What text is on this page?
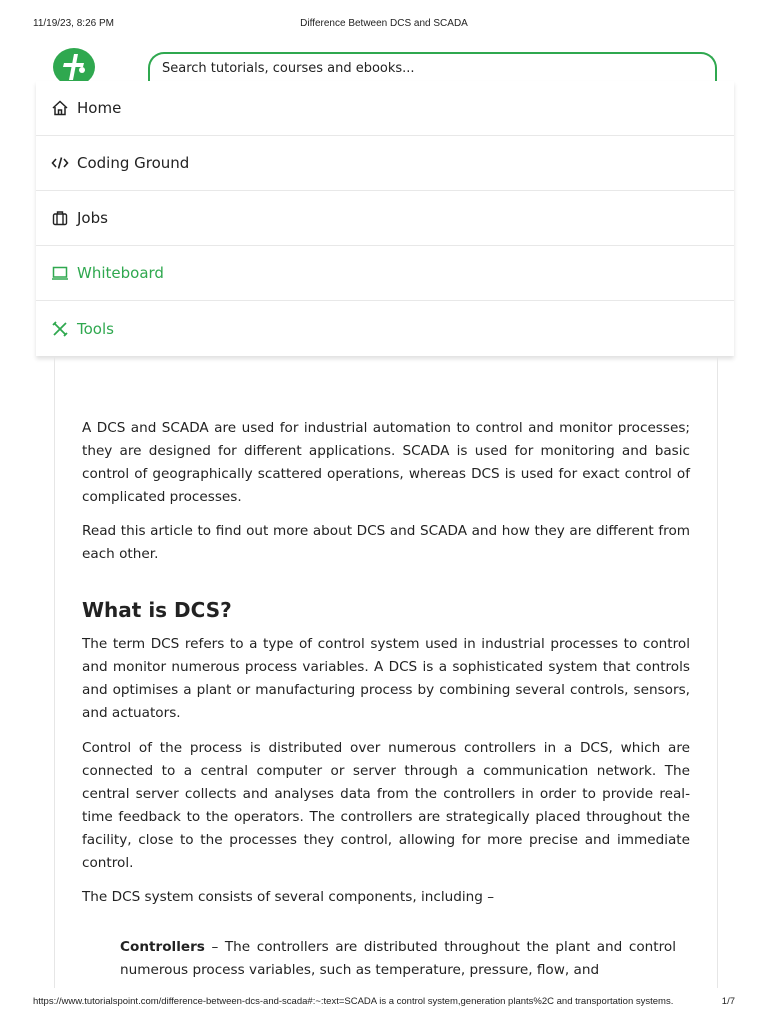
11/19/23, 8:26 PM	Difference Between DCS and SCADA
Search tutorials, courses and ebooks...
Home
Coding Ground
Jobs
Whiteboard
Tools

A DCS and SCADA are used for industrial automation to control and monitor processes; they are designed for different applications. SCADA is used for monitoring and basic control of geographically scattered operations, whereas DCS is used for exact control of complicated processes.

Read this article to find out more about DCS and SCADA and how they are different from each other.

What is DCS?

The term DCS refers to a type of control system used in industrial processes to control and monitor numerous process variables. A DCS is a sophisticated system that controls and optimises a plant or manufacturing process by combining several controls, sensors, and actuators.

Control of the process is distributed over numerous controllers in a DCS, which are connected to a central computer or server through a communication network. The central server collects and analyses data from the controllers in order to provide real-time feedback to the operators. The controllers are strategically placed throughout the facility, close to the processes they control, allowing for more precise and immediate control.

The DCS system consists of several components, including –

Controllers – The controllers are distributed throughout the plant and control numerous process variables, such as temperature, pressure, flow, and

https://www.tutorialspoint.com/difference-between-dcs-and-scada#:~:text=SCADA is a control system,generation plants%2C and transportation systems.	1/7
